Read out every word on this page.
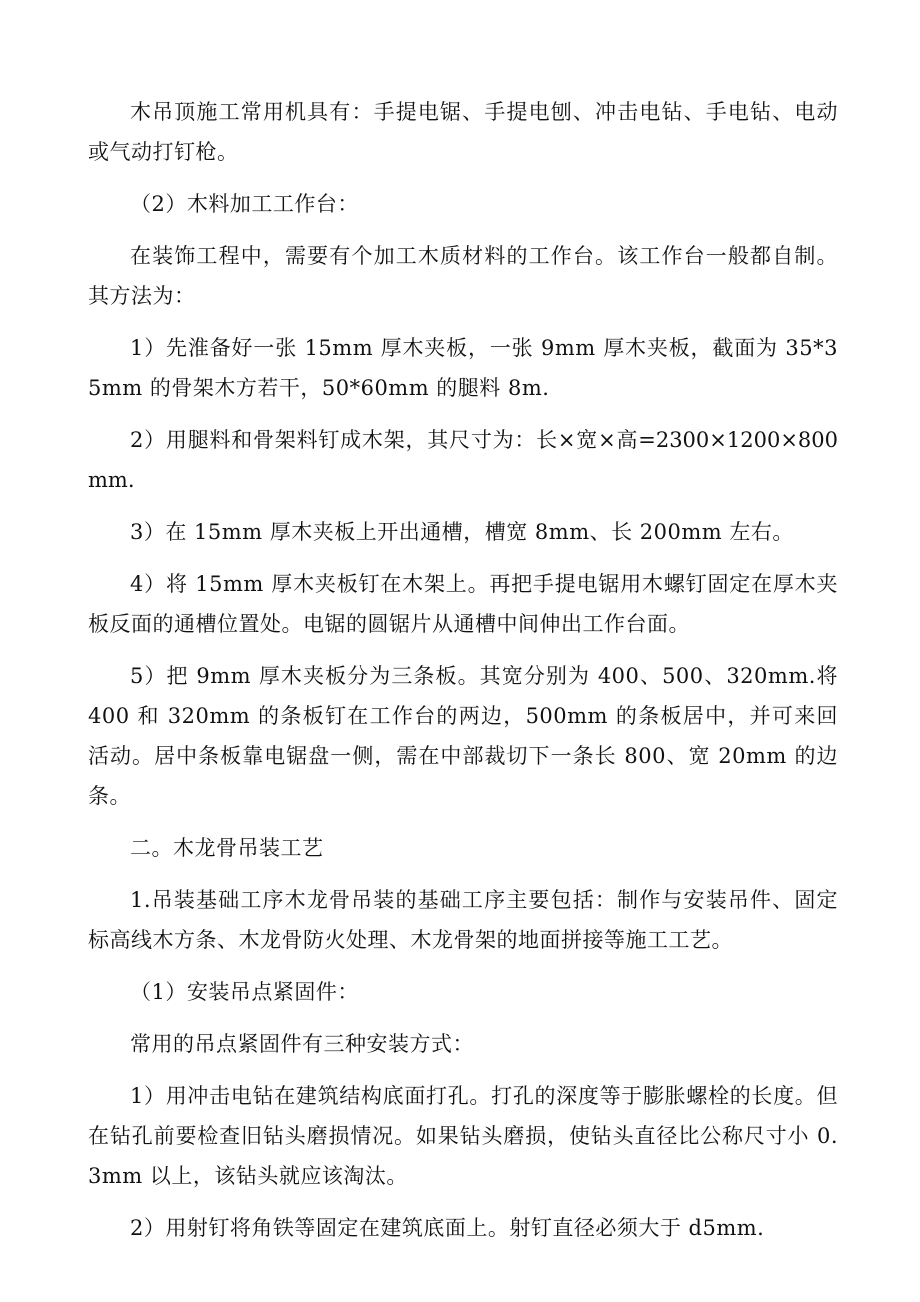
木吊顶施工常用机具有：手提电锯、手提电刨、冲击电钻、手电钻、电动或气动打钉枪。

（2）木料加工工作台：

在装饰工程中，需要有个加工木质材料的工作台。该工作台一般都自制。其方法为：

1）先淮备好一张 15mm 厚木夹板，一张 9mm 厚木夹板，截面为 35*35mm 的骨架木方若干，50*60mm 的腿料 8m.

2）用腿料和骨架料钉成木架，其尺寸为：长×宽×高=2300×1200×800mm.

3）在 15mm 厚木夹板上开出通槽，槽宽 8mm、长 200mm 左右。

4）将 15mm 厚木夹板钉在木架上。再把手提电锯用木螺钉固定在厚木夹板反面的通槽位置处。电锯的圆锯片从通槽中间伸出工作台面。

5）把 9mm 厚木夹板分为三条板。其宽分别为 400、500、320mm.将 400 和 320mm 的条板钉在工作台的两边，500mm 的条板居中，并可来回活动。居中条板靠电锯盘一侧，需在中部裁切下一条长 800、宽 20mm 的边条。

二。木龙骨吊装工艺

1.吊装基础工序木龙骨吊装的基础工序主要包括：制作与安装吊件、固定标高线木方条、木龙骨防火处理、木龙骨架的地面拼接等施工工艺。

（1）安装吊点紧固件：

常用的吊点紧固件有三种安装方式：

1）用冲击电钻在建筑结构底面打孔。打孔的深度等于膨胀螺栓的长度。但在钻孔前要检查旧钻头磨损情况。如果钻头磨损，使钻头直径比公称尺寸小 0.3mm 以上，该钻头就应该淘汰。

2）用射钉将角铁等固定在建筑底面上。射钉直径必须大于 d5mm.
